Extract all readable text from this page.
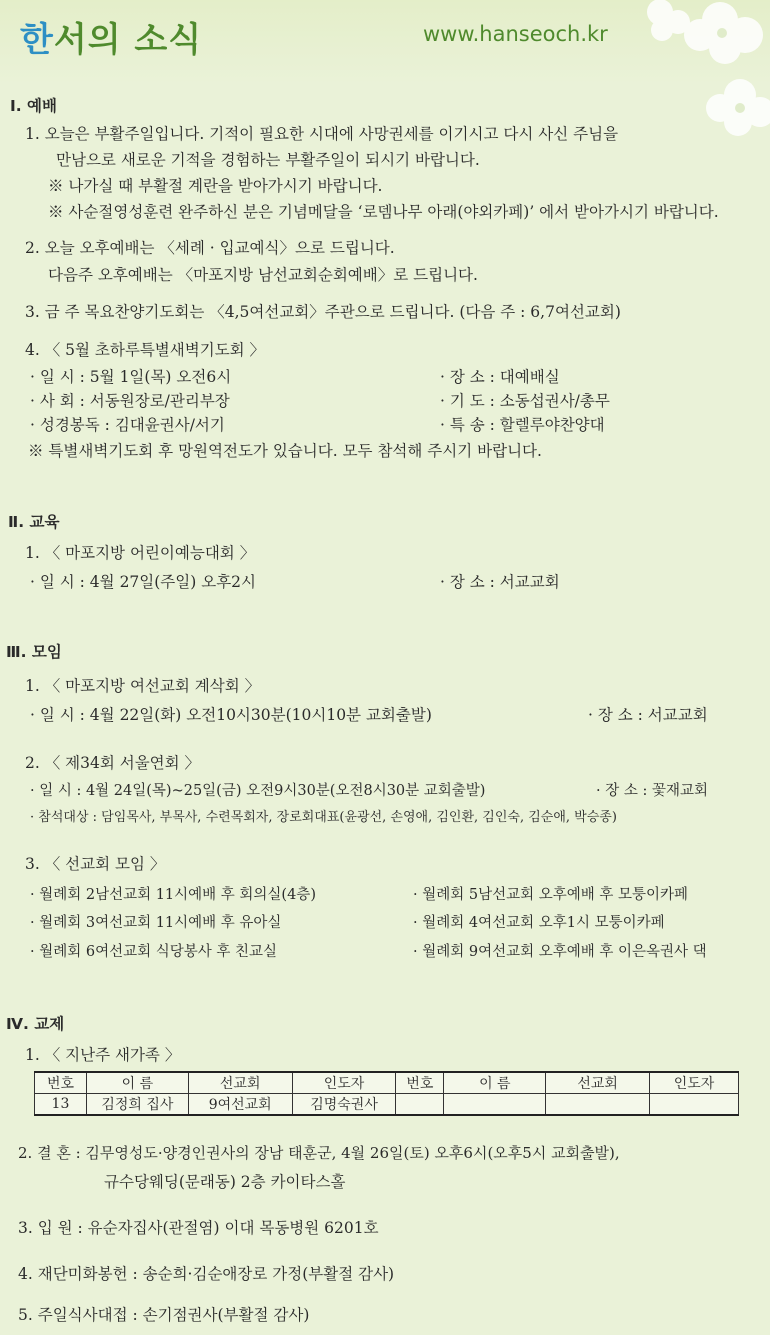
한서의 소식	www.hanseoch.kr
Ⅰ. 예배
1. 오늘은 부활주일입니다. 기적이 필요한 시대에 사망권세를 이기시고 다시 사신 주님을
만남으로 새로운 기적을 경험하는 부활주일이 되시기 바랍니다.
※ 나가실 때 부활절 계란을 받아가시기 바랍니다.
※ 사순절영성훈련 완주하신 분은 기념메달을 ‘로뎀나무 아래(야외카페)’ 에서 받아가시기 바랍니다.
2. 오늘 오후예배는 〈세례 · 입교예식〉으로 드립니다.
다음주 오후예배는 〈마포지방 남선교회순회예배〉로 드립니다.
3. 금 주 목요찬양기도회는 〈4,5여선교회〉주관으로 드립니다. (다음 주 : 6,7여선교회)
4. 〈 5월 초하루특별새벽기도회 〉
· 일 시 : 5월 1일(목) 오전6시	· 장 소 : 대예배실
· 사 회 : 서동원장로/관리부장	· 기 도 : 소동섭권사/총무
· 성경봉독 : 김대윤권사/서기	· 특 송 : 할렐루야찬양대
※ 특별새벽기도회 후 망원역전도가 있습니다. 모두 참석해 주시기 바랍니다.
Ⅱ. 교육
1. 〈 마포지방 어린이예능대회 〉
· 일 시 : 4월 27일(주일) 오후2시	· 장 소 : 서교교회
Ⅲ. 모임
1. 〈 마포지방 여선교회 계삭회 〉
· 일 시 : 4월 22일(화) 오전10시30분(10시10분 교회출발)	· 장 소 : 서교교회
2. 〈 제34회 서울연회 〉
· 일 시 : 4월 24일(목)~25일(금) 오전9시30분(오전8시30분 교회출발)	· 장 소 : 꽃재교회
· 참석대상 : 담임목사, 부목사, 수련목회자, 장로회대표(윤광선, 손영애, 김인환, 김인숙, 김순애, 박승종)
3. 〈 선교회 모임 〉
· 월례회 2남선교회 11시예배 후 회의실(4층)	· 월례회 5남선교회 오후예배 후 모퉁이카페
· 월례회 3여선교회 11시예배 후 유아실	· 월례회 4여선교회 오후1시 모퉁이카페
· 월례회 6여선교회 식당봉사 후 친교실	· 월례회 9여선교회 오후예배 후 이은옥권사 댁
Ⅳ. 교제
1. 〈 지난주 새가족 〉
번호	이 름	선교회	인도자	번호	이 름	선교회	인도자
13	김정희 집사	9여선교회	김명숙권사				
2. 결 혼 : 김무영성도·양경인권사의 장남 태훈군, 4월 26일(토) 오후6시(오후5시 교회출발),
규수당웨딩(문래동) 2층 카이타스홀
3. 입 원 : 유순자집사(관절염) 이대 목동병원 6201호
4. 재단미화봉헌 : 송순희·김순애장로 가정(부활절 감사)
5. 주일식사대접 : 손기점권사(부활절 감사)
